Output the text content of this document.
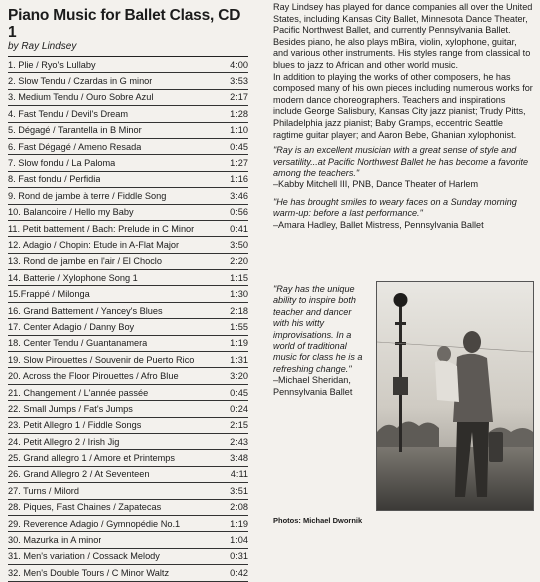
Piano Music for Ballet Class, CD 1
by Ray Lindsey
1. Plie / Ryo's Lullaby	4:00
2. Slow Tendu / Czardas in G minor	3:53
3. Medium Tendu / Ouro Sobre Azul	2:17
4. Fast Tendu / Devil's Dream	1:28
5. Dégagé / Tarantella in B Minor	1:10
6. Fast Dégagé / Ameno Resada	0:45
7. Slow fondu / La Paloma	1:27
8. Fast fondu / Perfidia	1:16
9. Rond de jambe à terre / Fiddle Song	3:46
10. Balancoire / Hello my Baby	0:56
11. Petit battement / Bach: Prelude in C Minor	0:41
12. Adagio / Chopin: Etude in A-Flat Major	3:50
13. Rond de jambe en l'air / El Choclo	2:20
14. Batterie / Xylophone Song 1	1:15
15.Frappé / Milonga	1:30
16. Grand Battement / Yancey's Blues	2:18
17. Center Adagio / Danny Boy	1:55
18. Center Tendu / Guantanamera	1:19
19. Slow Pirouettes / Souvenir de Puerto Rico	1:31
20. Across the Floor Pirouettes / Afro Blue	3:20
21. Changement / L'année passée	0:45
22. Small Jumps / Fat's Jumps	0:24
23. Petit Allegro 1 / Fiddle Songs	2:15
24. Petit Allegro 2 / Irish Jig	2:43
25. Grand allegro 1 / Amore et Printemps	3:48
26. Grand Allegro 2 / At Seventeen	4:11
27. Turns / Milord	3:51
28. Piques, Fast Chaines / Zapatecas	2:08
29. Reverence Adagio / Gymnopédie No.1	1:19
30. Mazurka in A minor	1:04
31. Men's variation / Cossack Melody	0:31
32. Men's Double Tours / C Minor Waltz	0:42

Ray Lindsey has played for dance companies all over the United States, including Kansas City Ballet, Minnesota Dance Theater, Pacific Northwest Ballet, and currently Pennsylvania Ballet. Besides piano, he also plays mBira, violin, xylophone, guitar, and various other instruments. His styles range from classical to blues to jazz to African and other world music.

In addition to playing the works of other composers, he has composed many of his own pieces including numerous works for modern dance choreographers. Teachers and inspirations include George Salisbury, Kansas City jazz pianist; Trudy Pitts, Philadelphia jazz pianist; Baby Gramps, eccentric Seattle ragtime guitar player; and Aaron Bebe, Ghanian xylophonist.

"Ray is an excellent musician with a great sense of style and versatility...at Pacific Northwest Ballet he has become a favorite among the teachers."

–Kabby Mitchell III, PNB, Dance Theater of Harlem

"He has brought smiles to weary faces on a Sunday morning warm-up: before a last performance."

–Amara Hadley, Ballet Mistress, Pennsylvania Ballet

"Ray has the unique ability to inspire both teacher and dancer with his witty improvisations. In a world of traditional music for class he is a refreshing change."

–Michael Sheridan,

Pennsylvania Ballet

Photos: Michael Dwornik
